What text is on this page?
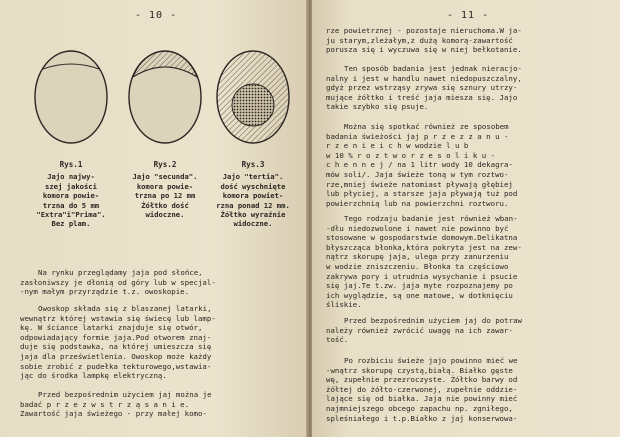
- 10 -
Rys.1
Jajo najwy-
szej jakości
komora powie-
trzna do 5 mm
"Extra"i"Prima".
Bez plam.
Rys.2
Jajo "secunda".
komora powie-
trzna po 12 mm
Żółtko dość
widoczne.
Rys.3
Jajo "tertia".
dość wyschnięte
komora powiet-
rzna ponad 12 mm.
Żółtko wyraźnie
widoczne.
Na rynku przeglądamy jaja pod słońce,
zasłoniwszy je dłonią od góry lub w specjal-
-nym małym przyrządzie t.z. owoskopie.
Owoskop składa się z blaszanej latarki,
wewnątrz której wstawia się świecę lub lamp-
kę. W ściance latarki znajduje się otwór,
odpowiadający formie jaja.Pod otworem znaj-
duje się podstawka, na której umieszcza się
jaja dla prześwietlenia. Owoskop może każdy
sobie zrobić z pudełka tekturowego,wstawia-
jąc do środka lampkę elektryczną.
Przed bezpośrednim użyciem jaj można je
badać p r z e z w s t r z ą s a n i e.
Zawartość jaja świeżego - przy małej komo-
- 11 -
rze powietrznej - pozostaje nieruchoma.W ja-
ju starym,zleżałym,z dużą komorą-zawartość
porusza się i wyczuwa się w niej bełkotanie.
Ten sposób badania jest jednak nieracjo-
nalny i jest w handlu nawet niedopuszczalny,
gdyż przez wstrząsy zrywa się sznury utrzy-
mujące żółtko i treść jaja miesza się. Jajo
takie szybko się psuje.
Można się spotkać również ze sposobem
badania świeżości jaj p r z e z z a n u -
r z e n i e i c h w wodzie l u b
w 10 % r o z t w o r z e s o l i k u -
c h e n n e j / na 1 litr wody 10 dekagra-
mów soli/. Jaja świeże toną w tym roztwo-
rze,mniej świeże natomiast pływają głębiej
lub płyciej, a starsze jaja pływają tuż pod
powierzchnią lub na powierzchni roztworu.
Tego rodzaju badanie jest również wban-
-dłu niedozwolone i nawet nie powinno być
stosowane w gospodarstwie domowym.Delikatna
błyszcząca błonka,która pokryta jest na zew-
nątrz skorupę jaja, ulega przy zanurzeniu
w wodzie zniszczeniu. Błonka ta częściowo
zakrywa pory i utrudnia wysychanie i psucie
się jaj.Te t.zw. jaja myte rozpoznajemy po
ich wyglądzie, są one matowe, w dotknięciu
śliskie.
Przed bezpośrednim użyciem jaj do potraw
należy również zwrócić uwagę na ich zawar-
tość.
Po rozbiciu świeże jajo powinno mieć we
-wnątrz skorupę czystą,białą. Białko gęste
wę, zupełnie przezroczyste. Żółtko barwy od
żółtej do żółto-czerwonej, zupełnie oddzie-
lające się od białka. Jaja nie powinny mieć
najmniejszego obcego zapachu np. zgniłego,
spleśniałego i t.p.Białko z jaj konserwowa-
